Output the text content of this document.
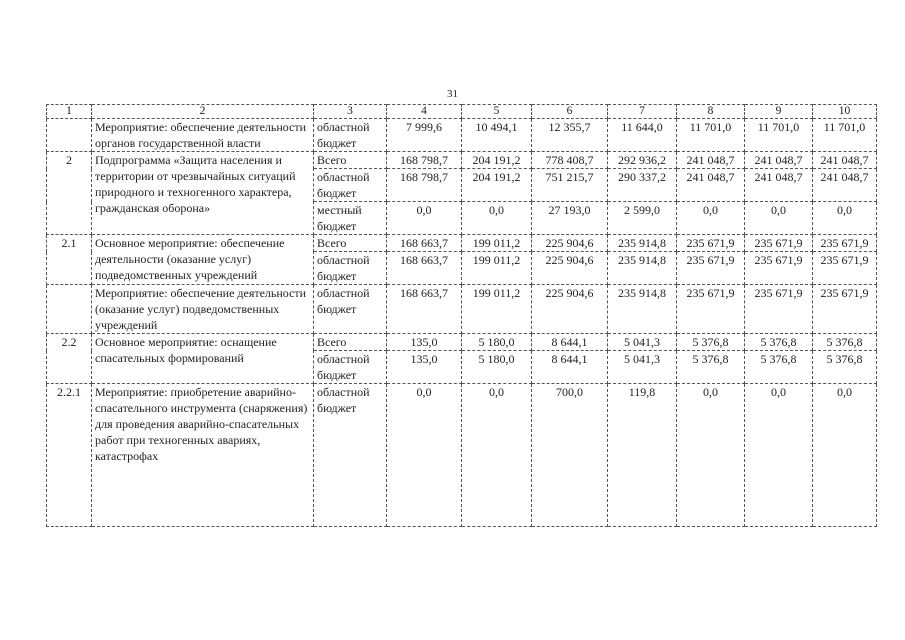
31
1	2	3	4	5	6	7	8	9	10
	Мероприятие: обеспечение деятельности органов государственной власти	областной бюджет	7 999,6	10 494,1	12 355,7	11 644,0	11 701,0	11 701,0	11 701,0
2	Подпрограмма «Защита населения и территории от чрезвычайных ситуаций природного и техногенного характера, гражданская оборона»	Всего	168 798,7	204 191,2	778 408,7	292 936,2	241 048,7	241 048,7	241 048,7
		областной бюджет	168 798,7	204 191,2	751 215,7	290 337,2	241 048,7	241 048,7	241 048,7
		местный бюджет	0,0	0,0	27 193,0	2 599,0	0,0	0,0	0,0
2.1	Основное мероприятие: обеспечение деятельности (оказание услуг) подведомственных учреждений	Всего	168 663,7	199 011,2	225 904,6	235 914,8	235 671,9	235 671,9	235 671,9
		областной бюджет	168 663,7	199 011,2	225 904,6	235 914,8	235 671,9	235 671,9	235 671,9
	Мероприятие: обеспечение деятельности (оказание услуг) подведомственных учреждений	областной бюджет	168 663,7	199 011,2	225 904,6	235 914,8	235 671,9	235 671,9	235 671,9
2.2	Основное мероприятие: оснащение спасательных формирований	Всего	135,0	5 180,0	8 644,1	5 041,3	5 376,8	5 376,8	5 376,8
		областной бюджет	135,0	5 180,0	8 644,1	5 041,3	5 376,8	5 376,8	5 376,8
2.2.1	Мероприятие: приобретение аварийно-спасательного инструмента (снаряжения) для проведения аварийно-спасательных работ при техногенных авариях, катастрофах	областной бюджет	0,0	0,0	700,0	119,8	0,0	0,0	0,0
